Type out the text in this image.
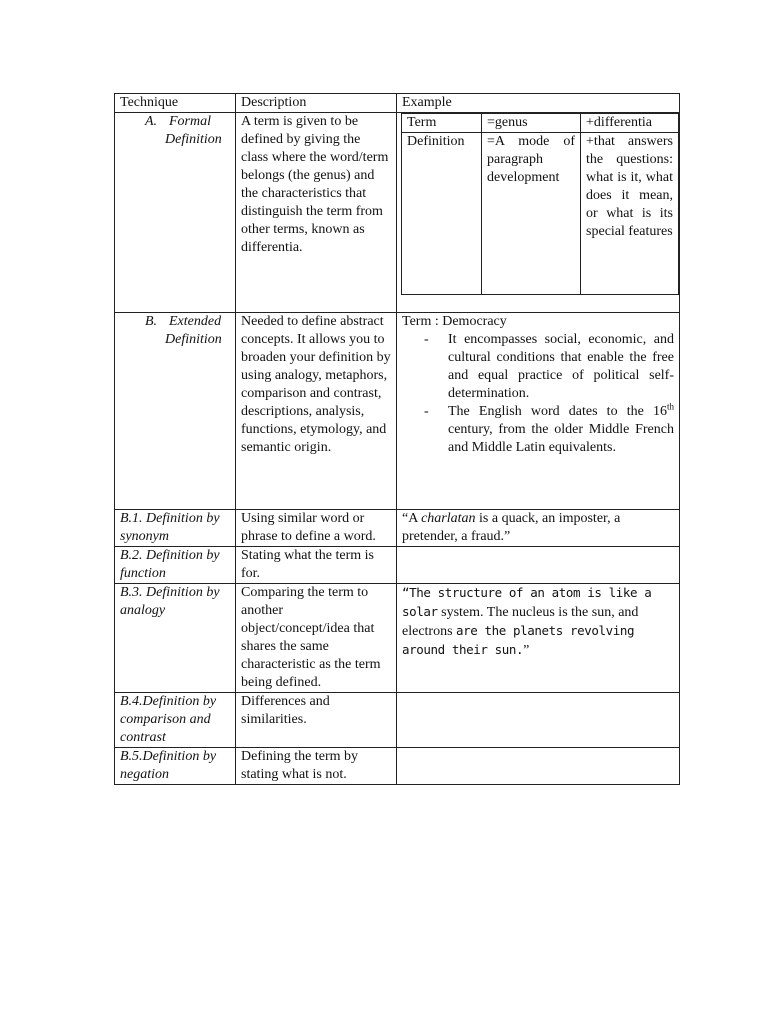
Technique	Description	Example
A. Formal
Definition
	A term is given to be defined by giving the class where the word/term belongs (the genus) and the characteristics that distinguish the term from other terms, known as differentia.	
Term	=genus	+differentia
Definition	=A mode of paragraph development	+that answers the questions: what is it, what does it mean, or what is its special features

B. Extended
Definition
	Needed to define abstract concepts. It allows you to broaden your definition by using analogy, metaphors, comparison and contrast, descriptions, analysis, functions, etymology, and semantic origin.	
Term : Democracy
- It encompasses social, economic, and cultural conditions that enable the free and equal practice of political self- determination.
- The English word dates to the 16th century, from the older Middle French and Middle Latin equivalents.

B.1. Definition by synonym	Using similar word or phrase to define a word.	“A charlatan is a quack, an imposter, a pretender, a fraud.”
B.2. Definition by function	Stating what the term is for.	
B.3. Definition by analogy	Comparing the term to another object/concept/idea that shares the same characteristic as the term being defined.	“The structure of an atom is like a solar system. The nucleus is the sun, and electrons are the planets revolving around their sun.”
B.4.Definition by comparison and contrast	Differences and similarities.	
B.5.Definition by negation	Defining the term by stating what is not.	
